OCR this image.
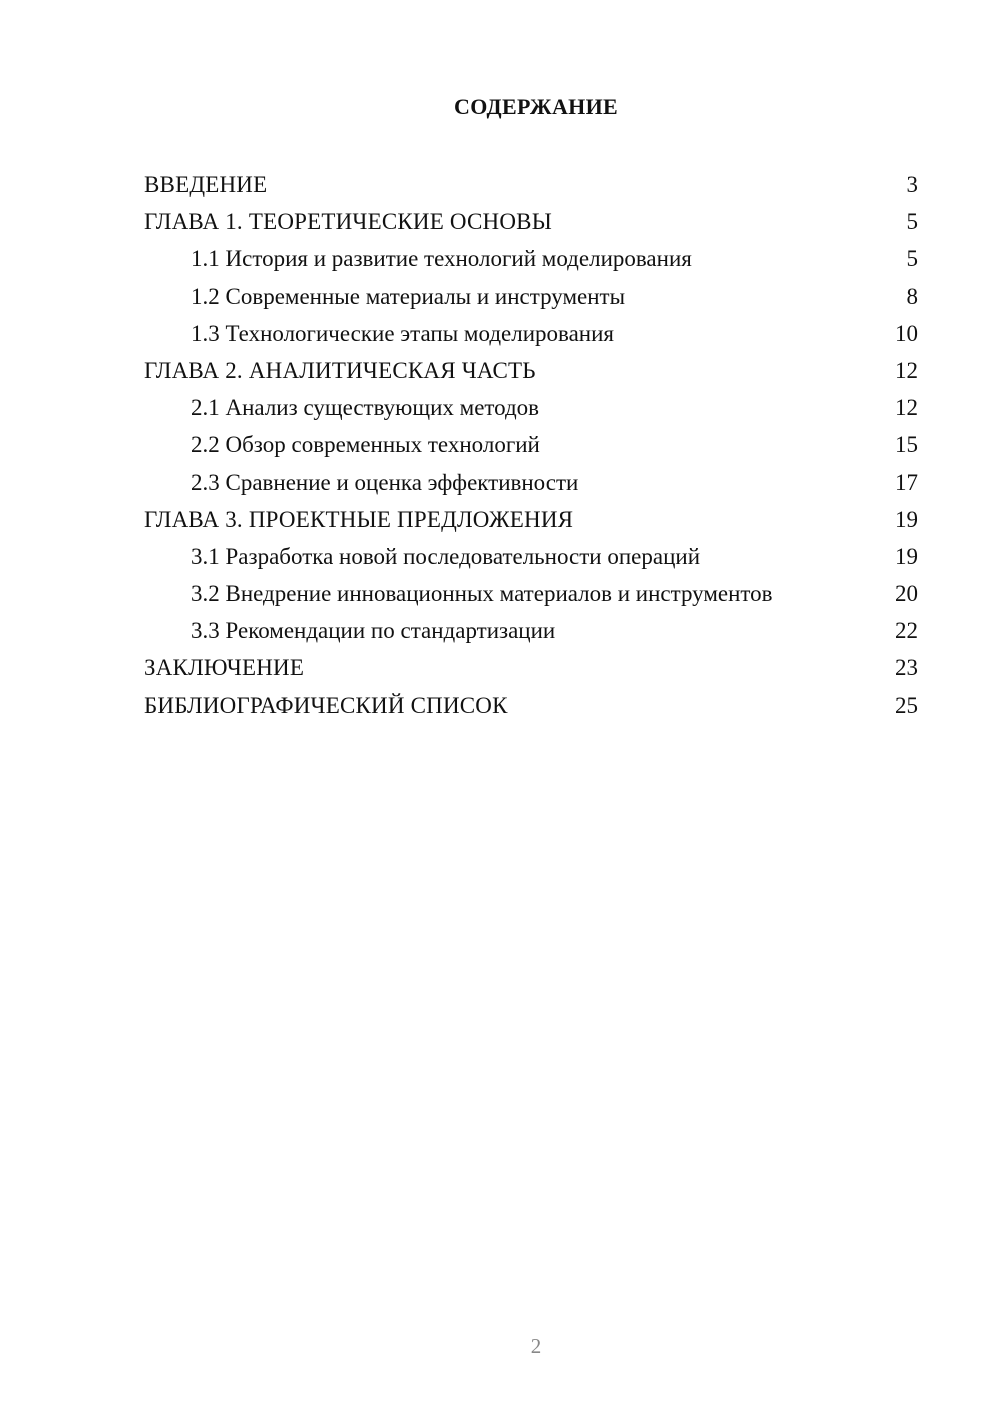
СОДЕРЖАНИЕ
ВВЕДЕНИЕ	3
ГЛАВА 1. ТЕОРЕТИЧЕСКИЕ ОСНОВЫ	5
1.1 История и развитие технологий моделирования	5
1.2 Современные материалы и инструменты	8
1.3 Технологические этапы моделирования	10
ГЛАВА 2. АНАЛИТИЧЕСКАЯ ЧАСТЬ	12
2.1 Анализ существующих методов	12
2.2 Обзор современных технологий	15
2.3 Сравнение и оценка эффективности	17
ГЛАВА 3. ПРОЕКТНЫЕ ПРЕДЛОЖЕНИЯ	19
3.1 Разработка новой последовательности операций	19
3.2 Внедрение инновационных материалов и инструментов	20
3.3 Рекомендации по стандартизации	22
ЗАКЛЮЧЕНИЕ	23
БИБЛИОГРАФИЧЕСКИЙ СПИСОК	25
2
